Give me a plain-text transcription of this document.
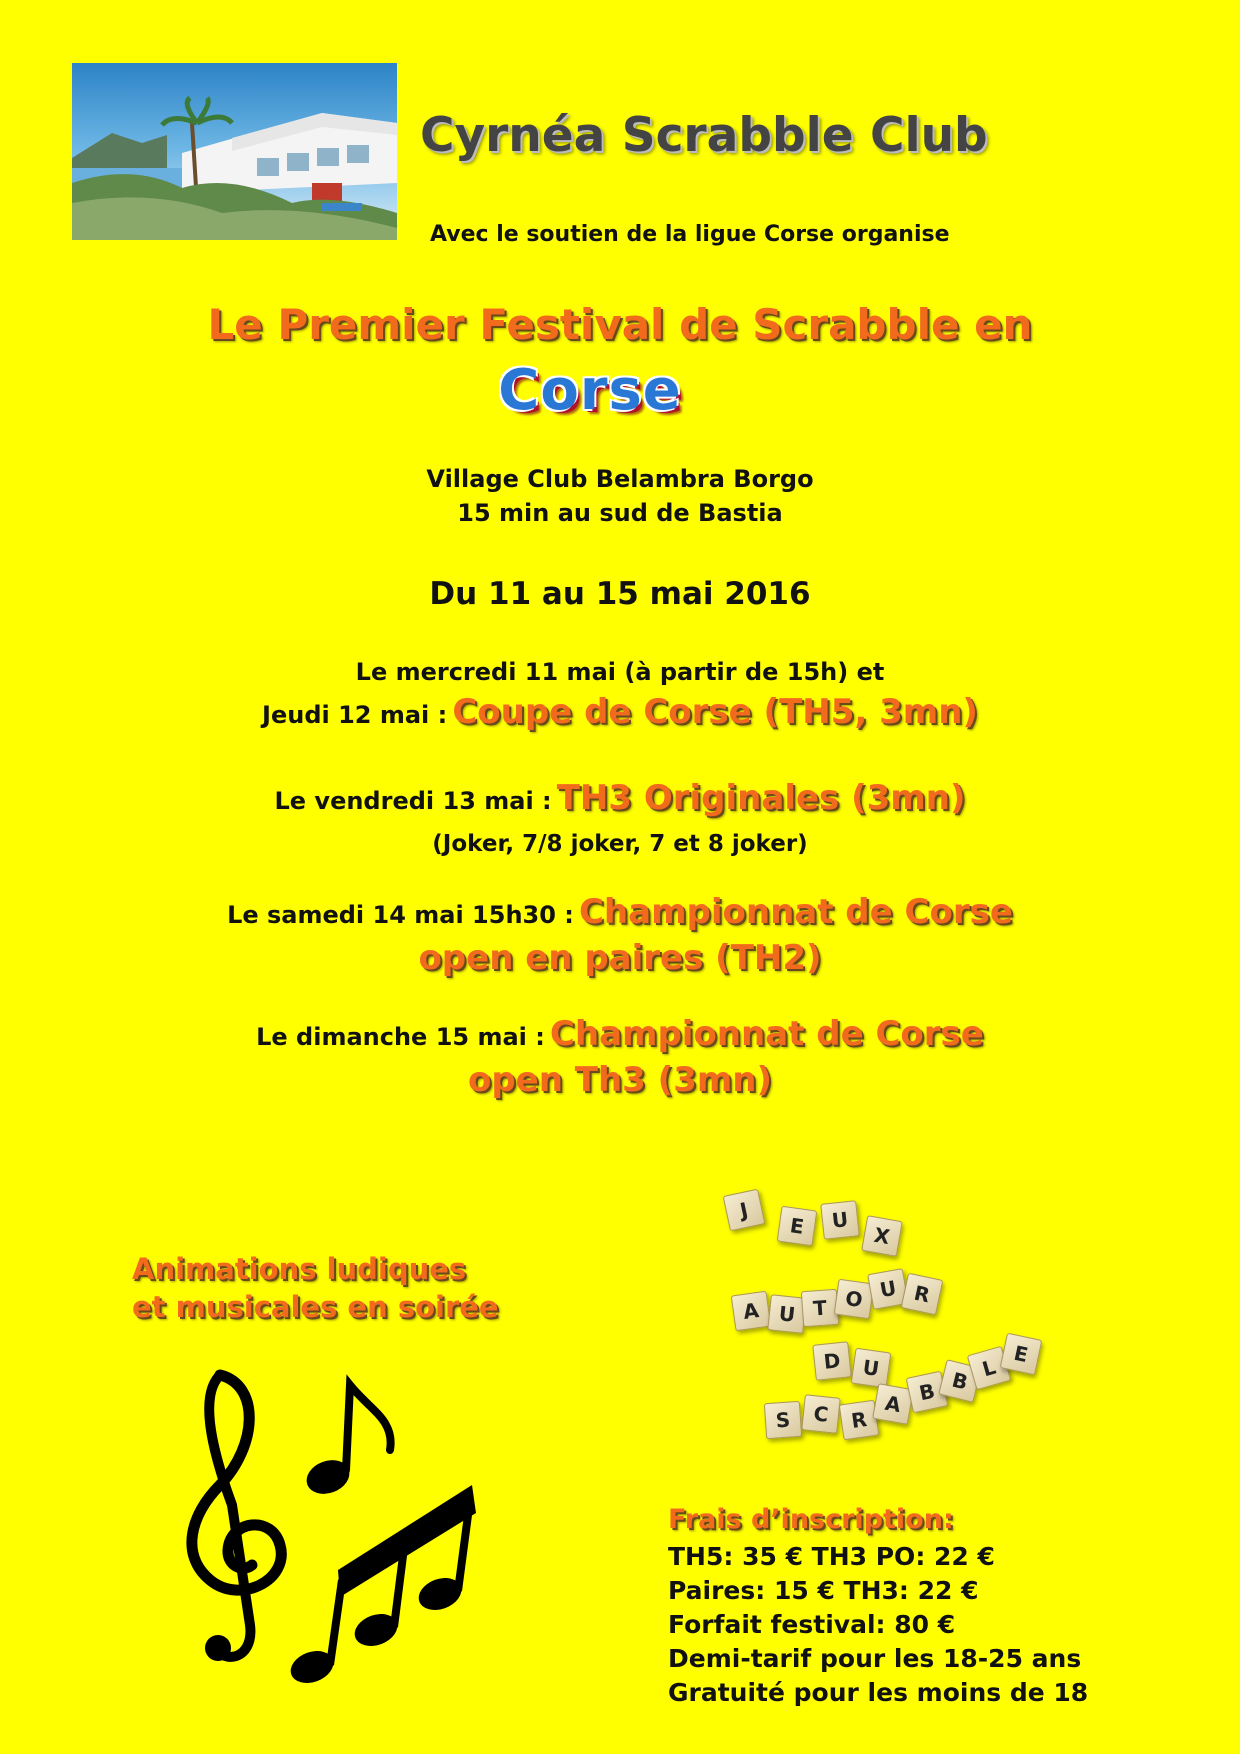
Cyrnéa Scrabble Club
Avec le soutien de la ligue Corse organise
Le Premier Festival de Scrabble en
Corse
Village Club Belambra Borgo
15 min au sud de Bastia
Du 11 au 15 mai 2016
Le mercredi 11 mai (à partir de 15h) et
Jeudi 12 mai : Coupe de Corse (TH5, 3mn)
Le vendredi 13 mai : TH3 Originales (3mn)
(Joker, 7/8 joker, 7 et 8 joker)
Le samedi 14 mai 15h30 : Championnat de Corse
open en paires (TH2)
Le dimanche 15 mai : Championnat de Corse
open Th3 (3mn)
Animations ludiques
et musicales en soirée
J
E	U
X
A U T O U R
D U
S	C	R
A B B L
E
Frais d’inscription:
TH5: 35 € TH3 PO: 22 €
Paires: 15 € TH3: 22 €
Forfait festival: 80 €
Demi-tarif pour les 18-25 ans
Gratuité pour les moins de 18
